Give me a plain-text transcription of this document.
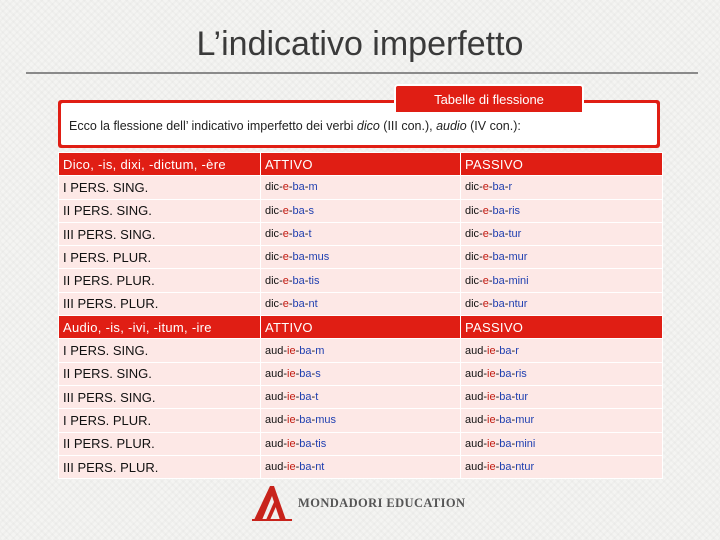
L’indicativo imperfetto
Ecco la flessione dell’ indicativo imperfetto dei verbi dico (III con.), audio (IV con.):
Tabelle di flessione
Dico, -is, dixi, -dictum, -ère	ATTIVO	PASSIVO
I PERS. SING.	dic-e-ba-m	dic-e-ba-r
II PERS. SING.	dic-e-ba-s	dic-e-ba-ris
III PERS. SING.	dic-e-ba-t	dic-e-ba-tur
I PERS. PLUR.	dic-e-ba-mus	dic-e-ba-mur
II PERS. PLUR.	dic-e-ba-tis	dic-e-ba-mini
III PERS. PLUR.	dic-e-ba-nt	dic-e-ba-ntur
Audio, -is, -ivi, -itum, -ire	ATTIVO	PASSIVO
I PERS. SING.	aud-ie-ba-m	aud-ie-ba-r
II PERS. SING.	aud-ie-ba-s	aud-ie-ba-ris
III PERS. SING.	aud-ie-ba-t	aud-ie-ba-tur
I PERS. PLUR.	aud-ie-ba-mus	aud-ie-ba-mur
II PERS. PLUR.	aud-ie-ba-tis	aud-ie-ba-mini
III PERS. PLUR.	aud-ie-ba-nt	aud-ie-ba-ntur
MONDADORI EDUCATION
